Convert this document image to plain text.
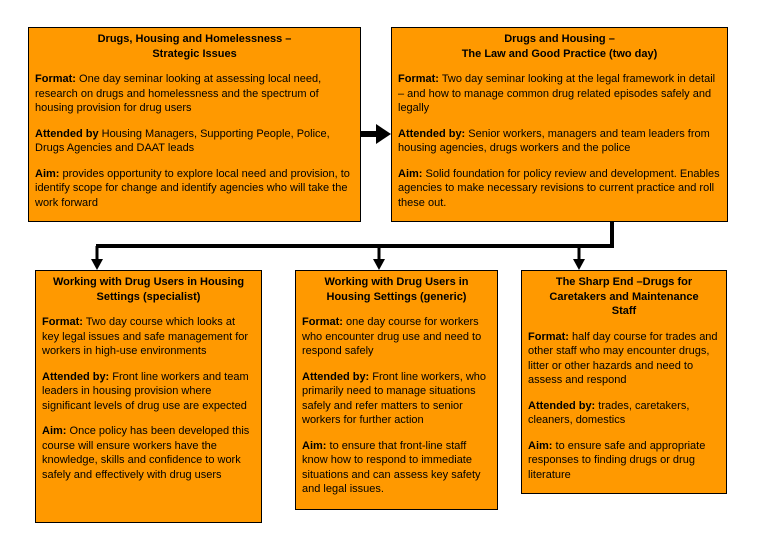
Drugs, Housing and Homelessness –
Strategic Issues
Format: One day seminar looking at assessing local need, research on drugs and homelessness and the spectrum of housing provision for drug users
Attended by Housing Managers, Supporting People, Police, Drugs Agencies and DAAT leads
Aim: provides opportunity to explore local need and provision, to identify scope for change and identify agencies who will take the work forward
Drugs and Housing –
The Law and Good Practice (two day)
Format: Two day seminar looking at the legal framework in detail – and how to manage common drug related episodes safely and legally
Attended by: Senior workers, managers and team leaders from housing agencies, drugs workers and the police
Aim: Solid foundation for policy review and development. Enables agencies to make necessary revisions to current practice and roll these out.
Working with Drug Users in Housing
Settings (specialist)
Format: Two day course which looks at key legal issues and safe management for workers in high-use environments
Attended by: Front line workers and team leaders in housing provision where significant levels of drug use are expected
Aim: Once policy has been developed this course will ensure workers have the knowledge, skills and confidence to work safely and effectively with drug users
Working with Drug Users in
Housing Settings (generic)
Format: one day course for workers who encounter drug use and need to respond safely
Attended by: Front line workers, who primarily need to manage situations safely and refer matters to senior workers for further action
Aim: to ensure that front-line staff know how to respond to immediate situations and can assess key safety and legal issues.
The Sharp End –Drugs for
Caretakers and Maintenance
Staff
Format: half day course for trades and other staff who may encounter drugs, litter or other hazards and need to assess and respond
Attended by: trades, caretakers, cleaners, domestics
Aim: to ensure safe and appropriate responses to finding drugs or drug literature
